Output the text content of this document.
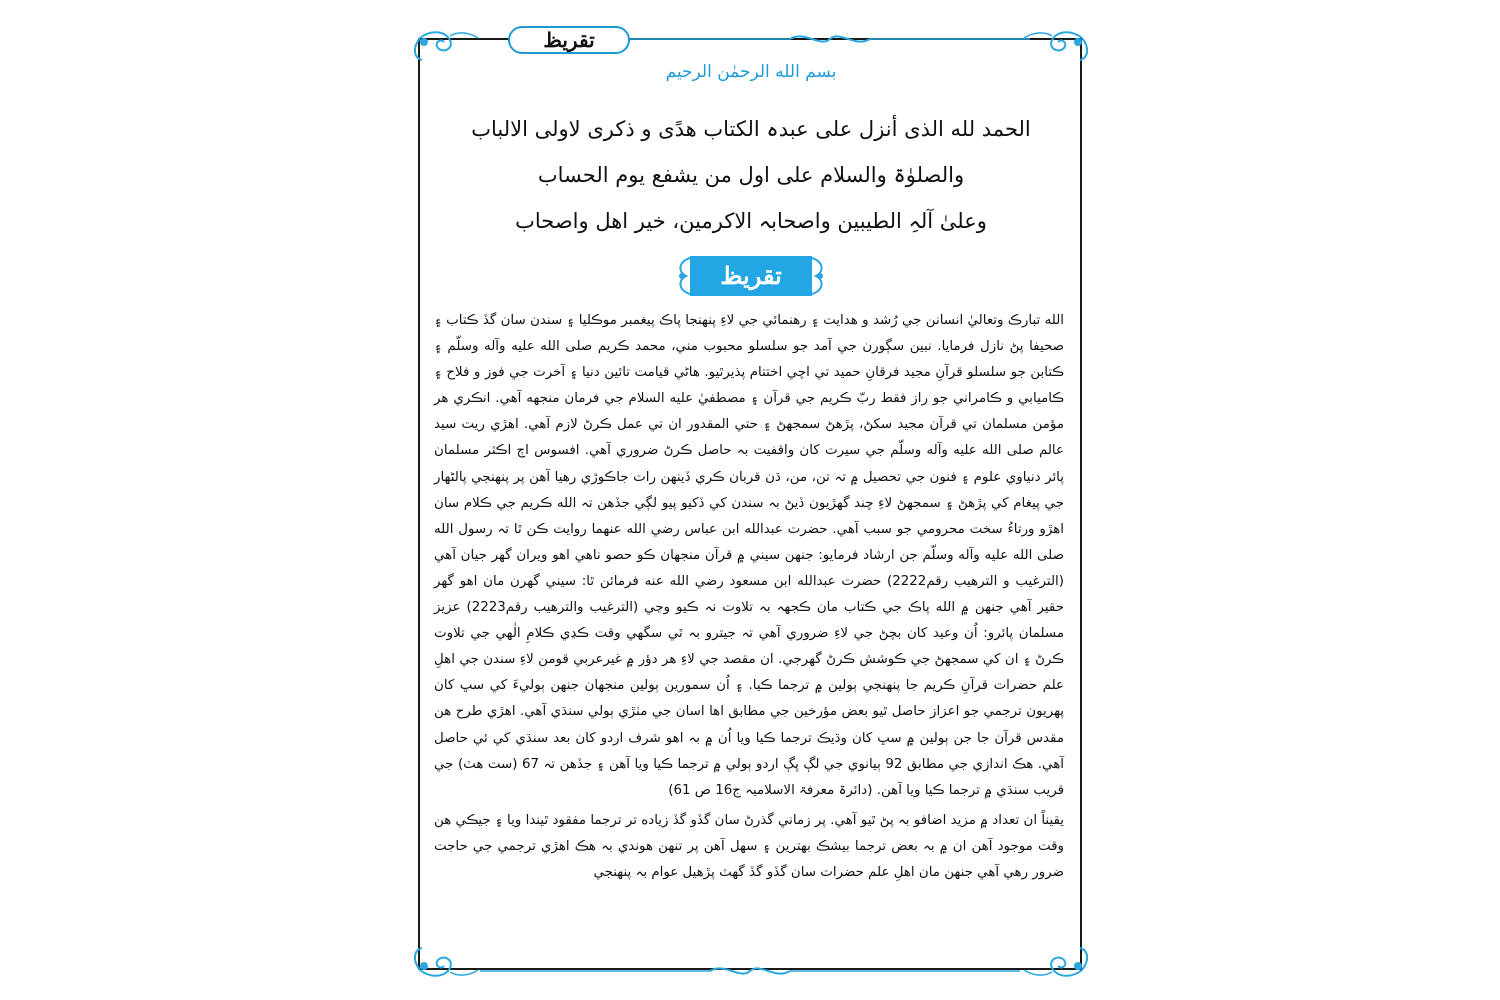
تقريظ
بسم الله الرحمٰن الرحيم
الحمد لله الذی أنزل علی عبدہ الکتاب ھدًی و ذکری لاولی الالباب
والصلوٰۃ والسلام علی اول من یشفع یوم الحساب
وعلیٰ آلہِ الطیبین واصحابہ الاکرمین، خیر اھل واصحاب
تقريظ

الله تبارڪ وتعاليٰ انسانن جي رُشد و هدايت ۽ رهنمائي جي لاءِ پنهنجا پاڪ پيغمبر موڪليا ۽ سندن سان گڏ ڪتاب ۽ صحيفا پڻ نازل فرمايا. نبين سڳورن جي آمد جو سلسلو محبوب مني، محمد ڪريم صلی الله عليه وآله وسلّم ۽ ڪتابن جو سلسلو قرآنِ مجيد فرقانِ حميد تي اچي اختتام پذيرٿيو. هاڻي قيامت تائين دنيا ۽ آخرت جي فوز و فلاح ۽ ڪاميابي و ڪامراني جو راز فقط ربّ ڪريم جي قرآن ۽ مصطفيٰ عليه السلام جي فرمان منجهه آهي. انڪري هر مؤمن مسلمان تي قرآن مجيد سکڻ، پڙهڻ سمجهڻ ۽ حتي المقدور ان تي عمل ڪرڻ لازم آهي. اهڙي ريت سيد عالم صلی الله عليه وآله وسلّم جي سيرت کان واقفيت بہ حاصل ڪرڻ ضروري آهي. افسوس اڄ اڪثر مسلمان پائر دنياوي علوم ۽ فنون جي تحصيل ۾ تہ تن، من، ڌن قربان ڪري ڏينهن رات جاڪوڙي رهيا آهن پر پنهنجي پالڻهار جي پيغام کي پڙهڻ ۽ سمجهڻ لاءِ چند گهڙيون ڏيڻ بہ سندن کي ڏکيو پيو لڳي جڏهن تہ الله ڪريم جي ڪلام سان اهڙو ورتاءُ سخت محرومي جو سبب آهي. حضرت عبدالله ابن عباس رضي الله عنهما روايت ڪن ٿا تہ رسول الله صلی الله عليه وآله وسلّم جن ارشاد فرمايو: جنهن سيني ۾ قرآن منجهان ڪو حصو ناهي اهو ويران گهر جيان آهي (الترغيب و الترهيب رقم2222) حضرت عبدالله ابن مسعود رضي الله عنه فرمائن ٿا: سيني گهرن مان اهو گهر حقير آهي جنهن ۾ الله پاڪ جي ڪتاب مان ڪجهہ بہ تلاوت نہ ڪيو وڃي (الترغيب والترهيب رقم2223) عزيز مسلمان پائرو: اُن وعيد کان بچڻ جي لاءِ ضروري آهي تہ جيترو بہ ٿي سگهي وقت ڪڍي ڪلامِ الٰهي جي تلاوت ڪرڻ ۽ ان کي سمجهڻ جي ڪوشش ڪرڻ گهرجي. ان مقصد جي لاءِ هر دؤر ۾ غيرعربي قومن لاءِ سندن جي اهلِ علم حضرات قرآنِ ڪريم جا پنهنجي ٻولين ۾ ترجما ڪيا. ۽ اُن سمورين ٻولين منجهان جنهن ٻوليءَ کي سڀ کان پهريون ترجمي جو اعزاز حاصل ٿيو بعض مؤرخين جي مطابق اها اسان جي مٺڙي ٻولي سنڌي آهي. اهڙي طرح هن مقدس قرآن جا جن ٻولين ۾ سڀ کان وڌيڪ ترجما ڪيا ويا اُن ۾ بہ اهو شرف اردو کان بعد سنڌي کي ئي حاصل آهي. هڪ اندازي جي مطابق 92 ٻيانوي جي لڳ ڀڳ اردو ٻولي ۾ ترجما ڪيا ويا آهن ۽ جڏهن تہ 67 (ست هٺ) جي قريب سنڌي ۾ ترجما ڪيا ويا آهن. (دائرۃ معرفۃ الاسلامیہ ج16 ص 61)

يقيناً ان تعداد ۾ مزيد اضافو بہ پڻ ٿيو آهي. پر زماني گذرڻ سان گڏو گڏ زياده تر ترجما مفقود ٿيندا ويا ۽ جيڪي هن وقت موجود آهن ان ۾ بہ بعض ترجما بيشڪ بهترين ۽ سهل آهن پر تنهن هوندي بہ هڪ اهڙي ترجمي جي حاجت ضرور رهي آهي جنهن مان اهلِ علم حضرات سان گڏو گڏ گهٽ پڙهيل عوام بہ پنهنجي
